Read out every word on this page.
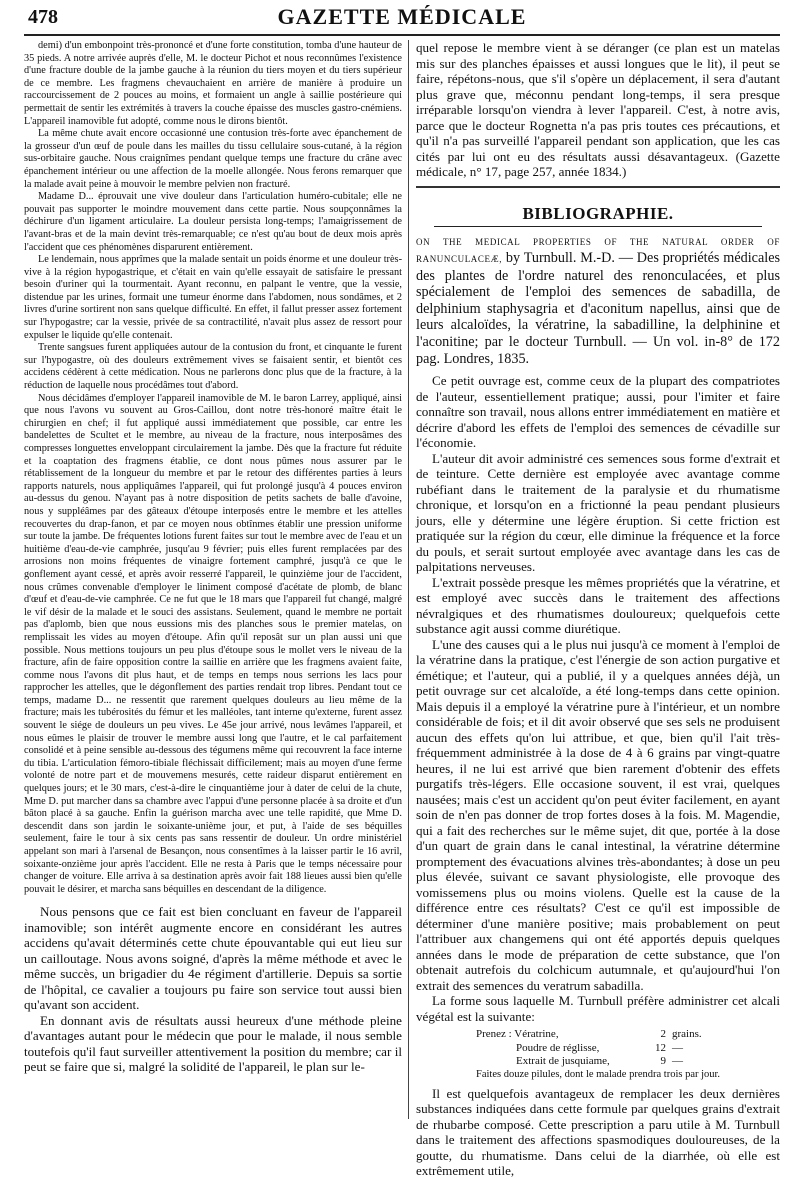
478	GAZETTE MÉDICALE

demi) d'un embonpoint très-prononcé et d'une forte constitution, tomba d'une hauteur de 35 pieds. A notre arrivée auprès d'elle, M. le docteur Pichot et nous reconnûmes l'existence d'une fracture double de la jambe gauche à la réunion du tiers moyen et du tiers supérieur de ce membre. Les fragmens chevauchaient en arrière de manière à produire un raccourcissement de 2 pouces au moins, et formaient un angle à saillie postérieure qui permettait de sentir les extrémités à travers la couche épaisse des muscles gastro-cnémiens. L'appareil inamovible fut adopté, comme nous le dirons bientôt.

La même chute avait encore occasionné une contusion très-forte avec épanchement de la grosseur d'un œuf de poule dans les mailles du tissu cellulaire sous-cutané, à la région sus-orbitaire gauche. Nous craignîmes pendant quelque temps une fracture du crâne avec épanchement intérieur ou une affection de la moelle allongée. Nous ferons remarquer que la malade avait peine à mouvoir le membre pelvien non fracturé.

Madame D... éprouvait une vive douleur dans l'articulation huméro-cubitale; elle ne pouvait pas supporter le moindre mouvement dans cette partie. Nous soupçonnâmes la déchirure d'un ligament articulaire. La douleur persista long-temps; l'amaigrissement de l'avant-bras et de la main devint très-remarquable; ce n'est qu'au bout de deux mois après l'accident que ces phénomènes disparurent entièrement.

Le lendemain, nous apprîmes que la malade sentait un poids énorme et une douleur très-vive à la région hypogastrique, et c'était en vain qu'elle essayait de satisfaire le pressant besoin d'uriner qui la tourmentait. Ayant reconnu, en palpant le ventre, que la vessie, distendue par les urines, formait une tumeur énorme dans l'abdomen, nous sondâmes, et 2 livres d'urine sortirent non sans quelque difficulté. En effet, il fallut presser assez fortement sur l'hypogastre; car la vessie, privée de sa contractilité, n'avait plus assez de ressort pour expulser le liquide qu'elle contenait.

Trente sangsues furent appliquées autour de la contusion du front, et cinquante le furent sur l'hypogastre, où des douleurs extrêmement vives se faisaient sentir, et bientôt ces accidens cédèrent à cette médication. Nous ne parlerons donc plus que de la fracture, à la réduction de laquelle nous procédâmes tout d'abord.

Nous décidâmes d'employer l'appareil inamovible de M. le baron Larrey, appliqué, ainsi que nous l'avons vu souvent au Gros-Caillou, dont notre très-honoré maître était le chirurgien en chef; il fut appliqué aussi immédiatement que possible, car entre les bandelettes de Scultet et le membre, au niveau de la fracture, nous interposâmes des compresses longuettes enveloppant circulairement la jambe. Dès que la fracture fut réduite et la coaptation des fragmens établie, ce dont nous pûmes nous assurer par le rétablissement de la longueur du membre et par le retour des différentes parties à leurs rapports naturels, nous appliquâmes l'appareil, qui fut prolongé jusqu'à 4 pouces environ au-dessus du genou. N'ayant pas à notre disposition de petits sachets de balle d'avoine, nous y suppléâmes par des gâteaux d'étoupe interposés entre le membre et les attelles recouvertes du drap-fanon, et par ce moyen nous obtînmes établir une pression uniforme sur toute la jambe. De fréquentes lotions furent faites sur tout le membre avec de l'eau et un huitième d'eau-de-vie camphrée, jusqu'au 9 février; puis elles furent remplacées par des arrosions non moins fréquentes de vinaigre fortement camphré, jusqu'à ce que le gonflement ayant cessé, et après avoir resserré l'appareil, le quinzième jour de l'accident, nous crûmes convenable d'employer le liniment composé d'acétate de plomb, de blanc d'œuf et d'eau-de-vie camphrée. Ce ne fut que le 18 mars que l'appareil fut changé, malgré le vif désir de la malade et le souci des assistans. Seulement, quand le membre ne portait pas d'aplomb, bien que nous eussions mis des planches sous le premier matelas, on remplissait les vides au moyen d'étoupe. Afin qu'il reposât sur un plan aussi uni que possible. Nous mettions toujours un peu plus d'étoupe sous le mollet vers le niveau de la fracture, afin de faire opposition contre la saillie en arrière que les fragmens avaient faite, comme nous l'avons dit plus haut, et de temps en temps nous serrions les lacs pour rapprocher les attelles, que le dégonflement des parties rendait trop libres. Pendant tout ce temps, madame D... ne ressentit que rarement quelques douleurs au lieu même de la fracture; mais les tubérosités du fémur et les malléoles, tant interne qu'externe, furent assez souvent le siége de douleurs un peu vives. Le 45e jour arrivé, nous levâmes l'appareil, et nous eûmes le plaisir de trouver le membre aussi long que l'autre, et le cal parfaitement consolidé et à peine sensible au-dessous des tégumens même qui recouvrent la face interne du tibia. L'articulation fémoro-tibiale fléchissait difficilement; mais au moyen d'une ferme volonté de notre part et de mouvemens mesurés, cette raideur disparut entièrement en quelques jours; et le 30 mars, c'est-à-dire le cinquantième jour à dater de celui de la chute, Mme D. put marcher dans sa chambre avec l'appui d'une personne placée à sa droite et d'un bâton placé à sa gauche. Enfin la guérison marcha avec une telle rapidité, que Mme D. descendit dans son jardin le soixante-unième jour, et put, à l'aide de ses béquilles seulement, faire le tour à six cents pas sans ressentir de douleur. Un ordre ministériel appelant son mari à l'arsenal de Besançon, nous consentîmes à la laisser partir le 16 avril, soixante-onzième jour après l'accident. Elle ne resta à Paris que le temps nécessaire pour changer de voiture. Elle arriva à sa destination après avoir fait 188 lieues aussi bien qu'elle pouvait le désirer, et marcha sans béquilles en descendant de la diligence.

Nous pensons que ce fait est bien concluant en faveur de l'appareil inamovible; son intérêt augmente encore en considérant les autres accidens qu'avait déterminés cette chute épouvantable qui eut lieu sur un cailloutage. Nous avons soigné, d'après la même méthode et avec le même succès, un brigadier du 4e régiment d'artillerie. Depuis sa sortie de l'hôpital, ce cavalier a toujours pu faire son service tout aussi bien qu'avant son accident.

En donnant avis de résultats aussi heureux d'une méthode pleine d'avantages autant pour le médecin que pour le malade, il nous semble toutefois qu'il faut surveiller attentivement la position du membre; car il peut se faire que si, malgré la solidité de l'appareil, le plan sur le-

quel repose le membre vient à se déranger (ce plan est un matelas mis sur des planches épaisses et aussi longues que le lit), il peut se faire, répétons-nous, que s'il s'opère un déplacement, il sera d'autant plus grave que, méconnu pendant long-temps, il sera presque irréparable lorsqu'on viendra à lever l'appareil. C'est, à notre avis, parce que le docteur Rognetta n'a pas pris toutes ces précautions, et qu'il n'a pas surveillé l'appareil pendant son application, que les cas cités par lui ont eu des résultats aussi désavantageux. (Gazette médicale, n° 17, page 257, année 1834.)

BIBLIOGRAPHIE.
ON THE MEDICAL PROPERTIES OF THE NATURAL ORDER OF RANUNCULACEÆ, by Turnbull. M.-D. — Des propriétés médicales des plantes de l'ordre naturel des renonculacées, et plus spécialement de l'emploi des semences de sabadilla, de delphinium staphysagria et d'aconitum napellus, ainsi que de leurs alcaloïdes, la vératrine, la sabadilline, la delphinine et l'aconitine; par le docteur Turnbull. — Un vol. in-8° de 172 pag. Londres, 1835.

Ce petit ouvrage est, comme ceux de la plupart des compatriotes de l'auteur, essentiellement pratique; aussi, pour l'imiter et faire connaître son travail, nous allons entrer immédiatement en matière et décrire d'abord les effets de l'emploi des semences de cévadille sur l'économie.

L'auteur dit avoir administré ces semences sous forme d'extrait et de teinture. Cette dernière est employée avec avantage comme rubéfiant dans le traitement de la paralysie et du rhumatisme chronique, et lorsqu'on en a frictionné la peau pendant plusieurs jours, elle y détermine une légère éruption. Si cette friction est pratiquée sur la région du cœur, elle diminue la fréquence et la force du pouls, et serait surtout employée avec avantage dans les cas de palpitations nerveuses.

L'extrait possède presque les mêmes propriétés que la vératrine, et est employé avec succès dans le traitement des affections névralgiques et des rhumatismes douloureux; quelquefois cette substance agit aussi comme diurétique.

L'une des causes qui a le plus nui jusqu'à ce moment à l'emploi de la vératrine dans la pratique, c'est l'énergie de son action purgative et émétique; et l'auteur, qui a publié, il y a quelques années déjà, un petit ouvrage sur cet alcaloïde, a été long-temps dans cette opinion. Mais depuis il a employé la vératrine pure à l'intérieur, et un nombre considérable de fois; et il dit avoir observé que ses sels ne produisent aucun des effets qu'on lui attribue, et que, bien qu'il l'ait très-fréquemment administrée à la dose de 4 à 6 grains par vingt-quatre heures, il ne lui est arrivé que bien rarement d'obtenir des effets purgatifs très-légers. Elle occasione souvent, il est vrai, quelques nausées; mais c'est un accident qu'on peut éviter facilement, en ayant soin de n'en pas donner de trop fortes doses à la fois. M. Magendie, qui a fait des recherches sur le même sujet, dit que, portée à la dose d'un quart de grain dans le canal intestinal, la vératrine détermine promptement des évacuations alvines très-abondantes; à dose un peu plus élevée, suivant ce savant physiologiste, elle provoque des vomissemens plus ou moins violens. Quelle est la cause de la différence entre ces résultats? C'est ce qu'il est impossible de déterminer d'une manière positive; mais probablement on peut l'attribuer aux changemens qui ont été apportés depuis quelques années dans le mode de préparation de cette substance, que l'on obtenait autrefois du colchicum autumnale, et qu'aujourd'hui l'on extrait des semences du veratrum sabadilla.

La forme sous laquelle M. Turnbull préfère administrer cet alcali végétal est la suivante:

Prenez : Vératrine,	2 grains.
Poudre de réglisse,	12 —
Extrait de jusquiame,	9 —
Faites douze pilules, dont le malade prendra trois par jour.

Il est quelquefois avantageux de remplacer les deux dernières substances indiquées dans cette formule par quelques grains d'extrait de rhubarbe composé. Cette prescription a paru utile à M. Turnbull dans le traitement des affections spasmodiques douloureuses, de la goutte, du rhumatisme. Dans celui de la diarrhée, où elle est extrêmement utile,
